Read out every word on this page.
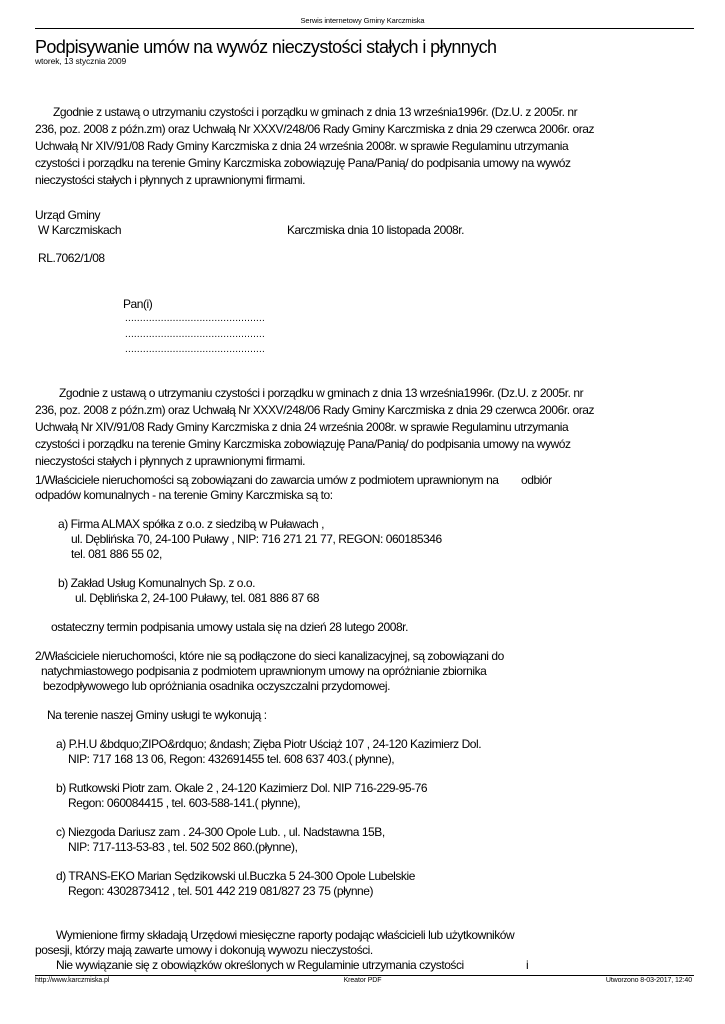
Serwis internetowy Gminy Karczmiska
Podpisywanie umów na wywóz nieczystości stałych i płynnych
wtorek, 13 stycznia 2009
Zgodnie z ustawą o utrzymaniu czystości i porządku w gminach z dnia 13 września1996r. (Dz.U. z 2005r. nr 236, poz. 2008 z późn.zm) oraz Uchwałą Nr XXXV/248/06 Rady Gminy Karczmiska z dnia 29 czerwca 2006r. oraz Uchwałą Nr XIV/91/08 Rady Gminy Karczmiska z dnia 24 września 2008r. w sprawie Regulaminu utrzymania czystości i porządku na terenie Gminy Karczmiska zobowiązuję Pana/Panią/ do podpisania umowy na wywóz nieczystości stałych i płynnych z uprawnionymi firmami.
Urząd Gminy
W Karczmiskach	Karczmiska dnia 10 listopada 2008r.
RL.7062/1/08
Pan(i)
...............................................
...............................................
...............................................
Zgodnie z ustawą o utrzymaniu czystości i porządku w gminach z dnia 13 września1996r. (Dz.U. z 2005r. nr 236, poz. 2008 z późn.zm) oraz Uchwałą Nr XXXV/248/06 Rady Gminy Karczmiska z dnia 29 czerwca 2006r. oraz Uchwałą Nr XIV/91/08 Rady Gminy Karczmiska z dnia 24 września 2008r. w sprawie Regulaminu utrzymania czystości i porządku na terenie Gminy Karczmiska zobowiązuję Pana/Panią/ do podpisania umowy na wywóz nieczystości stałych i płynnych z uprawnionymi firmami.
1/Właściciele nieruchomości są zobowiązani do zawarcia umów z podmiotem uprawnionym na odbiór
odpadów komunalnych - na terenie Gminy Karczmiska są to:
a) Firma ALMAX spółka z o.o. z siedzibą w Puławach ,
ul. Dęblińska 70, 24-100 Puławy , NIP: 716 271 21 77, REGON: 060185346
tel. 081 886 55 02,
b) Zakład Usług Komunalnych Sp. z o.o.
ul. Dęblińska 2, 24-100 Puławy, tel. 081 886 87 68
ostateczny termin podpisania umowy ustala się na dzień 28 lutego 2008r.
2/Właściciele nieruchomości, które nie są podłączone do sieci kanalizacyjnej, są zobowiązani do
natychmiastowego podpisania z podmiotem uprawnionym umowy na opróżnianie zbiornika
bezodpływowego lub opróżniania osadnika oczyszczalni przydomowej.
Na terenie naszej Gminy usługi te wykonują :
a) P.H.U &bdquo;ZIPO&rdquo; &ndash; Zięba Piotr Uściąż 107 , 24-120 Kazimierz Dol.
NIP: 717 168 13 06, Regon: 432691455 tel. 608 637 403.( płynne),
b) Rutkowski Piotr zam. Okale 2 , 24-120 Kazimierz Dol. NIP 716-229-95-76
Regon: 060084415 , tel. 603-588-141.( płynne),
c) Niezgoda Dariusz zam . 24-300 Opole Lub. , ul. Nadstawna 15B,
NIP: 717-113-53-83 , tel. 502 502 860.(płynne),
d) TRANS-EKO Marian Sędzikowski ul.Buczka 5 24-300 Opole Lubelskie
Regon: 4302873412 , tel. 501 442 219 081/827 23 75 (płynne)
Wymienione firmy składają Urzędowi miesięczne raporty podając właścicieli lub użytkowników
posesji, którzy mają zawarte umowy i dokonują wywozu nieczystości.
Nie wywiązanie się z obowiązków określonych w Regulaminie utrzymania czystości	i
http://www.karczmiska.pl	Kreator PDF	Utworzono 8-03-2017, 12:40
